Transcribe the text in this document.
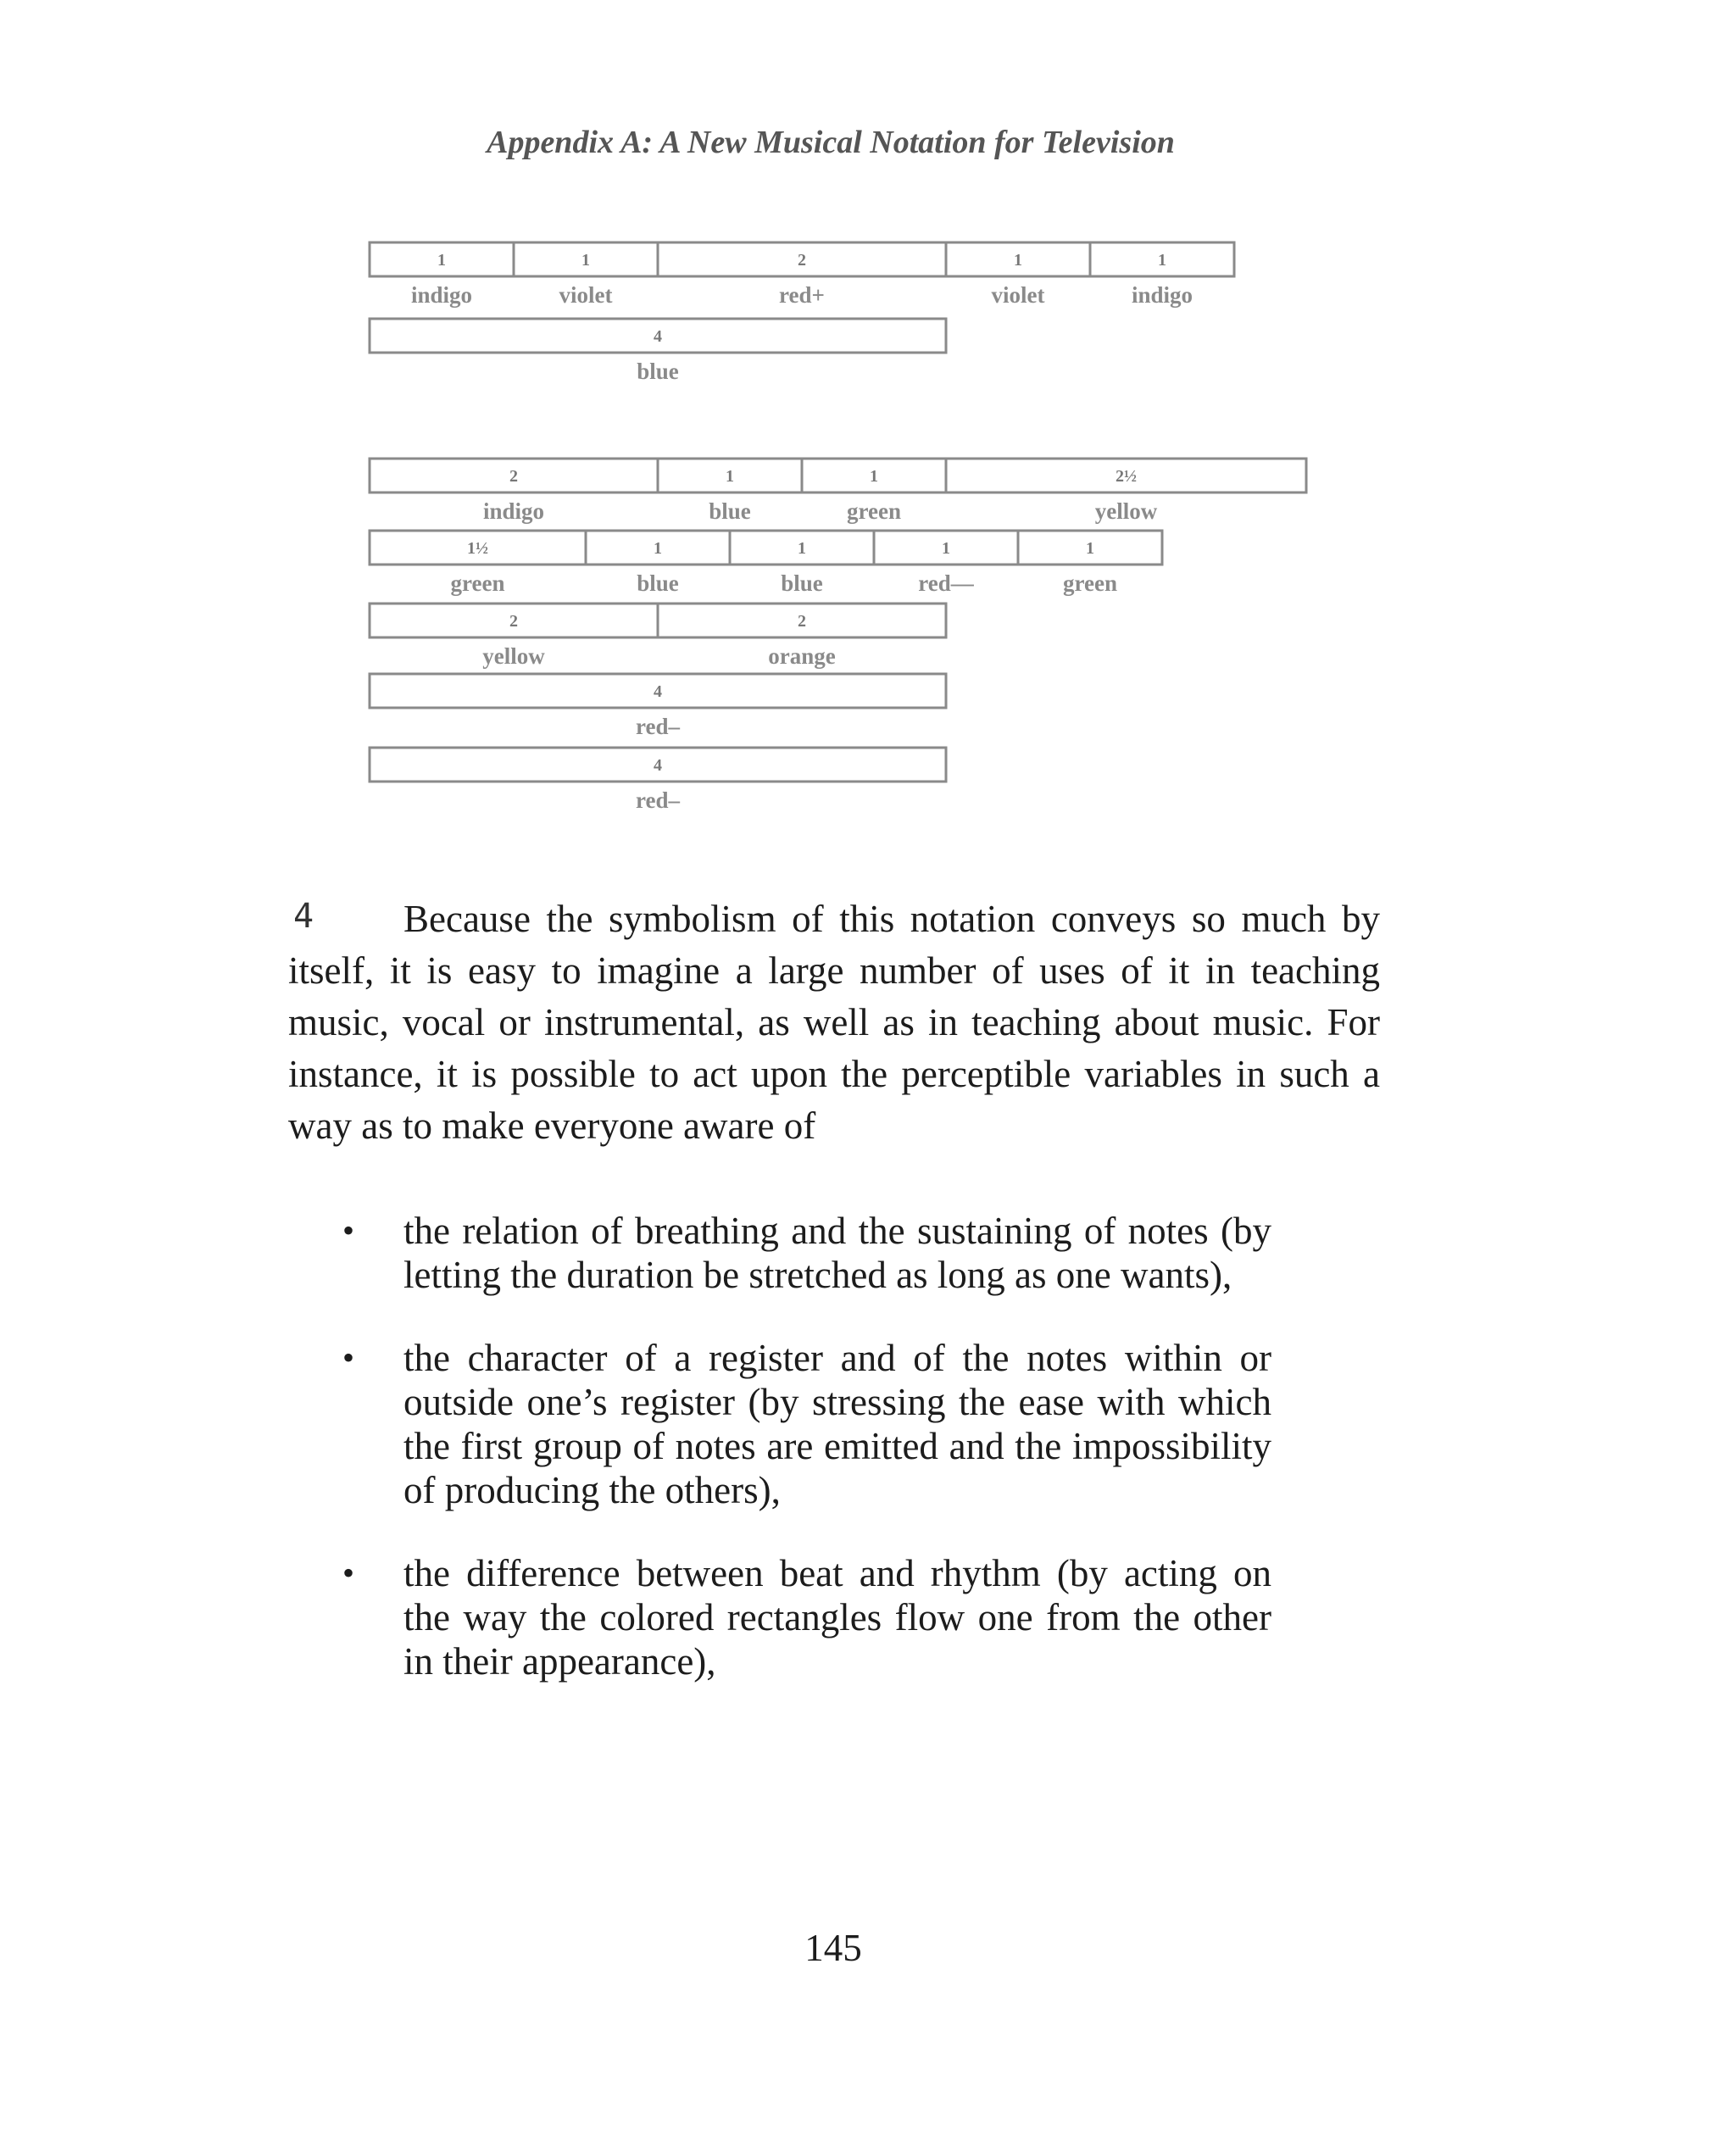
Appendix A: A New Musical Notation for Television
1
indigo
1
violet
2
red+
1
violet
1
indigo
4
blue
2
indigo
1
blue
1
green
2½
yellow
1½
green
1
blue
1
blue
1
red—
1
green
2
yellow
2
orange
4
red–
4
red–
4	Because the symbolism of this notation conveys so much by itself, it is easy to imagine a large number of uses of it in teaching music, vocal or instrumental, as well as in teaching about music. For instance, it is possible to act upon the perceptible variables in such a way as to make everyone aware of

• the relation of breathing and the sustaining of notes (by letting the duration be stretched as long as one wants),
• the character of a register and of the notes within or outside one’s register (by stressing the ease with which the first group of notes are emitted and the impossibility of producing the others),
• the difference between beat and rhythm (by acting on the way the colored rectangles flow one from the other in their appearance),
145
